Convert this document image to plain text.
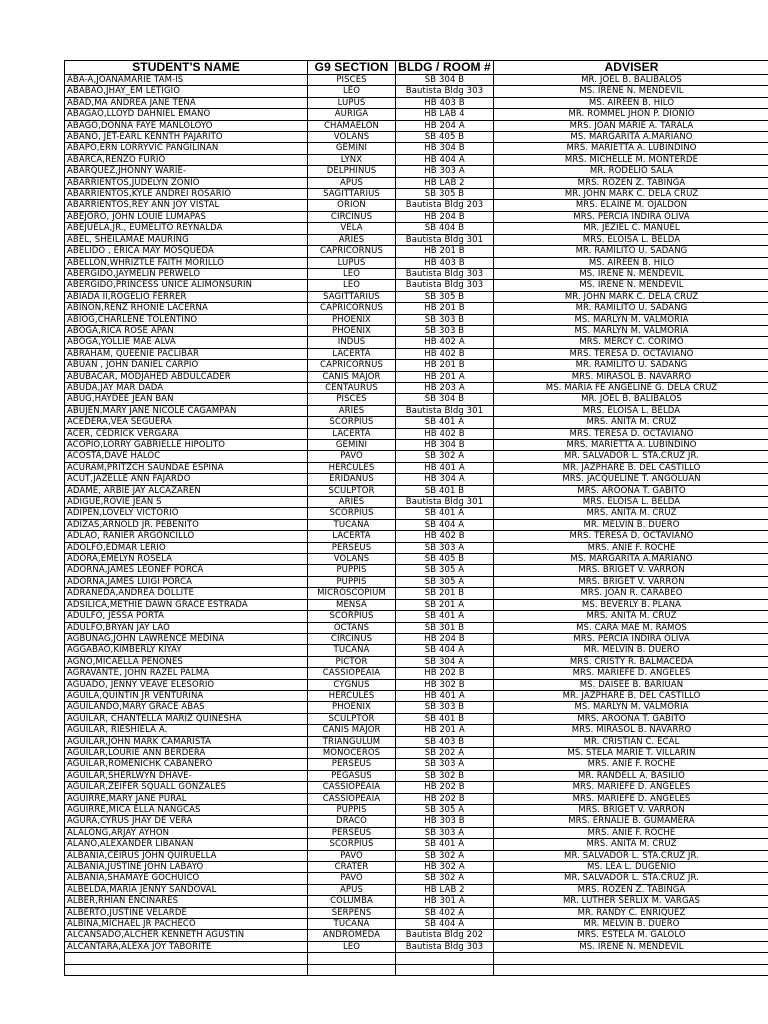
STUDENT'S NAME	G9 SECTION	BLDG / ROOM #	ADVISER
ABA-A,JOANAMARIE TAM-IS	PISCES	SB 304 B	MR. JOEL B. BALIBALOS
ABABAO,JHAY_EM LETIGIO	LEO	Bautista Bldg 303	MS. IRENE N. MENDEVIL
ABAD,MA ANDREA JANE TEÑA	LUPUS	HB 403 B	MS. AIREEN B. HILO
ABAGAO,LLOYD DAHNIEL EMANO	AURIGA	HB LAB 4	MR. ROMMEL JHON P. DIONIO
ABAGO,DONNA FAYE MANLOLOYO	CHAMAELON	HB 204 A	MRS. JOAN MARIE A. TARALA
ABANO, JET-EARL KENNTH PAJARITO	VOLANS	SB 405 B	MS. MARGARITA A.MARIANO
ABAPO,ERN LORRYVIC PANGILINAN	GEMINI	HB 304 B	MRS. MARIETTA A. LUBINDINO
ABARCA,RENZO FURIO	LYNX	HB 404 A	MRS. MICHELLE M. MONTERDE
ABARQUEZ,JHONNY WARIE-	DELPHINUS	HB 303 A	MR. RODELIO SALA
ABARRIENTOS,JUDELYN ZONIO	APUS	HB LAB 2	MRS. ROZEN Z. TABINGA
ABARRIENTOS,KYLE ANDREI ROSARIO	SAGITTARIUS	SB 305 B	MR. JOHN MARK C. DELA CRUZ
ABARRIENTOS,REY ANN JOY VISTAL	ORION	Bautista Bldg 203	MRS. ELAINE M. OJALDON
ABEJORO, JOHN LOUIE LUMAPAS	CIRCINUS	HB 204 B	MRS. PERCIA INDIRA OLIVA
ABEJUELA,JR., EUMELITO REYNALDA	VELA	SB 404 B	MR. JEZIEL C. MANUEL
ABEL, SHEILAMAE MAURING	ARIES	Bautista Bldg 301	MRS. ELOISA L. BELDA
ABELIDO , ERICA MAY MOSQUEDA	CAPRICORNUS	HB 201 B	MR. RAMILITO U. SADANG
ABELLON,WHRIZTLE FAITH MORILLO	LUPUS	HB 403 B	MS. AIREEN B. HILO
ABERGIDO,JAYMELIN PERWELO	LEO	Bautista Bldg 303	MS. IRENE N. MENDEVIL
ABERGIDO,PRINCESS UNICE ALIMONSURIN	LEO	Bautista Bldg 303	MS. IRENE N. MENDEVIL
ABIADA II,ROGELIO FERRER	SAGITTARIUS	SB 305 B	MR. JOHN MARK C. DELA CRUZ
ABIÑON,RENZ RHONIE LACERNA	CAPRICORNUS	HB 201 B	MR. RAMILITO U. SADANG
ABIOG,CHARLENE TOLENTINO	PHOENIX	SB 303 B	MS. MARLYN M. VALMORIA
ABOGA,RICA ROSE APAN	PHOENIX	SB 303 B	MS. MARLYN M. VALMORIA
ABOGA,YOLLIE MAE ALVA	INDUS	HB 402 A	MRS. MERCY C. CORIMO
ABRAHAM, QUEENIE PACLIBAR	LACERTA	HB 402 B	MRS. TERESA D. OCTAVIANO
ABUAN , JOHN DANIEL CARPIO	CAPRICORNUS	HB 201 B	MR. RAMILITO U. SADANG
ABUBACAR, MODJAHED ABDULCADER	CANIS MAJOR	HB 201 A	MRS. MIRASOL B. NAVARRO
ABUDA,JAY MAR DADA	CENTAURUS	HB 203 A	MS. MARIA FE ANGELINE G. DELA CRUZ
ABUG,HAYDEE JEAN BAN	PISCES	SB 304 B	MR. JOEL B. BALIBALOS
ABUJEN,MARY JANE NICOLE CAGAMPAN	ARIES	Bautista Bldg 301	MRS. ELOISA L. BELDA
ACEDERA,VEA SEGUERA	SCORPIUS	SB 401 A	MRS. ANITA M. CRUZ
ACER, CEDRICK VERGARA	LACERTA	HB 402 B	MRS. TERESA D. OCTAVIANO
ACOPIO,LORRY GABRIELLE HIPOLITO	GEMINI	HB 304 B	MRS. MARIETTA A. LUBINDINO
ACOSTA,DAVE HALOC	PAVO	SB 302 A	MR. SALVADOR L. STA.CRUZ JR.
ACURAM,PRITZCH SAUNDAE ESPINA	HERCULES	HB 401 A	MR. JAZPHARE B. DEL CASTILLO
ACUT,JAZELLE ANN FAJARDO	ERIDANUS	HB 304 A	MRS. JACQUELINE T. ANGOLUAN
ADAME, ARBIE JAY ALCAZAREN	SCULPTOR	SB 401 B	MRS. AROONA T. GABITO
ADIGUE,ROVIE JEAN S	ARIES	Bautista Bldg 301	MRS. ELOISA L. BELDA
ADIPEN,LOVELY VICTORIO	SCORPIUS	SB 401 A	MRS. ANITA M. CRUZ
ADIZAS,ARNOLD JR. PEBENITO	TUCANA	SB 404 A	MR. MELVIN B. DUERO
ADLAO, RANIER ARGONCILLO	LACERTA	HB 402 B	MRS. TERESA D. OCTAVIANO
ADOLFO,EDMAR LERIO	PERSEUS	SB 303 A	MRS. ANIE F. ROCHE
ADORA,EMELYN ROSELA	VOLANS	SB 405 B	MS. MARGARITA A.MARIANO
ADORNA,JAMES LEONEF PORCA	PUPPIS	SB 305 A	MRS. BRIGET V. VARRON
ADORNA,JAMES LUIGI PORCA	PUPPIS	SB 305 A	MRS. BRIGET V. VARRON
ADRANEDA,ANDREA DOLLITE	MICROSCOPIUM	SB 201 B	MRS. JOAN R. CARABEO
ADSILICA,METHIE DAWN GRACE ESTRADA	MENSA	SB 201 A	MS. BEVERLY B. PLANA
ADULFO, JESSA PORTA	SCORPIUS	SB 401 A	MRS. ANITA M. CRUZ
ADULFO,BRYAN JAY LAO	OCTANS	SB 301 B	MS. CARA MAE M. RAMOS
AGBUNAG,JOHN LAWRENCE MEDINA	CIRCINUS	HB 204 B	MRS. PERCIA INDIRA OLIVA
AGGABAO,KIMBERLY KIYAY	TUCANA	SB 404 A	MR. MELVIN B. DUERO
AGNO,MICAELLA PEÑONES	PICTOR	SB 304 A	MRS. CRISTY R. BALMACEDA
AGRAVANTE, JOHN RAZEL PALMA	CASSIOPEAIA	HB 202 B	MRS. MARIEFE D. ANGELES
AGUADO, JENNY VEAVE ELESORIO	CYGNUS	HB 302 B	MS. DAISEE B. BARIUAN
AGUILA,QUINTIN JR VENTURINA	HERCULES	HB 401 A	MR. JAZPHARE B. DEL CASTILLO
AGUILANDO,MARY GRACE ABAS	PHOENIX	SB 303 B	MS. MARLYN M. VALMORIA
AGUILAR, CHANTELLA MARIZ QUINESHA	SCULPTOR	SB 401 B	MRS. AROONA T. GABITO
AGUILAR, RIESHIELA A.	CANIS MAJOR	HB 201 A	MRS. MIRASOL B. NAVARRO
AGUILAR,JOHN MARK CAMARISTA	TRIANGULUM	SB 403 B	MR. CRISTIAN C. ECAL
AGUILAR,LOURIE ANN BERDERA	MONOCEROS	SB 202 A	MS. STELA MARIE T. VILLARIN
AGUILAR,ROMENICHK CABAÑERO	PERSEUS	SB 303 A	MRS. ANIE F. ROCHE
AGUILAR,SHERLWYN DHAVE-	PEGASUS	SB 302 B	MR. RANDELL A. BASILIO
AGUILAR,ZEIFER SQUALL GONZALES	CASSIOPEAIA	HB 202 B	MRS. MARIEFE D. ANGELES
AGUIRRE,MARY JANE PURAL	CASSIOPEAIA	HB 202 B	MRS. MARIEFE D. ANGELES
AGUIRRE,MICA ELLA NANGCAS	PUPPIS	SB 305 A	MRS. BRIGET V. VARRON
AGURA,CYRUS JHAY DE VERA	DRACO	HB 303 B	MRS. ERNALIE B. GUMAMERA
ALALONG,ARJAY AYHON	PERSEUS	SB 303 A	MRS. ANIE F. ROCHE
ALANO,ALEXANDER LIBANAN	SCORPIUS	SB 401 A	MRS. ANITA M. CRUZ
ALBANIA,CEIRUS JOHN QUIRUELLA	PAVO	SB 302 A	MR. SALVADOR L. STA.CRUZ JR.
ALBANIA,JUSTINE JOHN LABAYO	CRATER	HB 302 A	MS. LEA L. DUGENIO
ALBANIA,SHAMAYE GOCHUICO	PAVO	SB 302 A	MR. SALVADOR L. STA.CRUZ JR.
ALBELDA,MARIA JENNY SANDOVAL	APUS	HB LAB 2	MRS. ROZEN Z. TABINGA
ALBER,RHIAN ENCINARES	COLUMBA	HB 301 A	MR. LUTHER SERLIX M. VARGAS
ALBERTO,JUSTINE VELARDE	SERPENS	SB 402 A	MR. RANDY C. ENRIQUEZ
ALBINA,MICHAEL JR PACHECO	TUCANA	SB 404 A	MR. MELVIN B. DUERO
ALCANSADO,ALCHER KENNETH AGUSTIN	ANDROMEDA	Bautista Bldg 202	MRS. ESTELA M. GALOLO
ALCANTARA,ALEXA JOY TABORITE	LEO	Bautista Bldg 303	MS. IRENE N. MENDEVIL
